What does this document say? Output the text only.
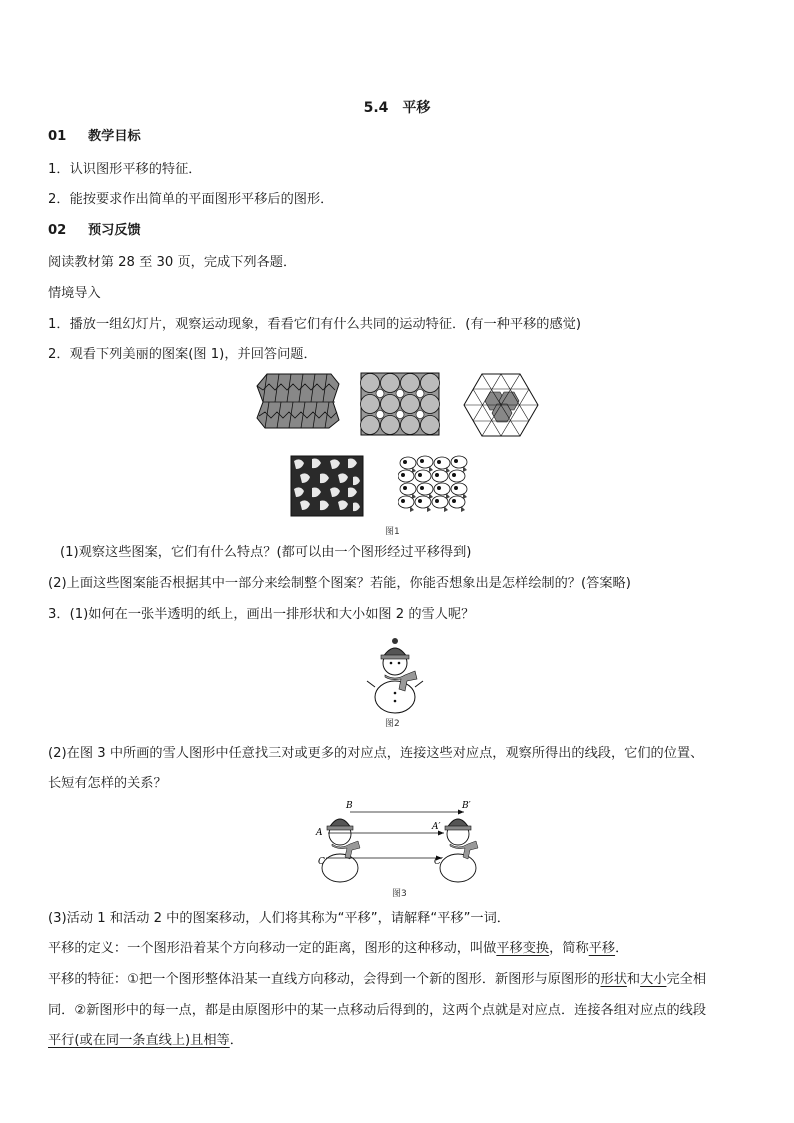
5.4　平移
01 教学目标
1．认识图形平移的特征．
2．能按要求作出简单的平面图形平移后的图形．
02 预习反馈
阅读教材第 28 至 30 页，完成下列各题．
情境导入
1．播放一组幻灯片，观察运动现象，看看它们有什么共同的运动特征．(有一种平移的感觉)
2．观看下列美丽的图案(图 1)，并回答问题．
图1
(1)观察这些图案，它们有什么特点？(都可以由一个图形经过平移得到)
(2)上面这些图案能否根据其中一部分来绘制整个图案？若能，你能否想象出是怎样绘制的？(答案略)
3．(1)如何在一张半透明的纸上，画出一排形状和大小如图 2 的雪人呢？
图2
(2)在图 3 中所画的雪人图形中任意找三对或更多的对应点，连接这些对应点，观察所得出的线段，它们的位置、
长短有怎样的关系？
B	B′
A
A′
C	C′
图3
(3)活动 1 和活动 2 中的图案移动，人们将其称为“平移”，请解释“平移”一词．
平移的定义：一个图形沿着某个方向移动一定的距离，图形的这种移动，叫做平移变换，简称平移．
平移的特征：①把一个图形整体沿某一直线方向移动，会得到一个新的图形．新图形与原图形的形状和大小完全相
同．②新图形中的每一点，都是由原图形中的某一点移动后得到的，这两个点就是对应点．连接各组对应点的线段
平行(或在同一条直线上)且相等．
